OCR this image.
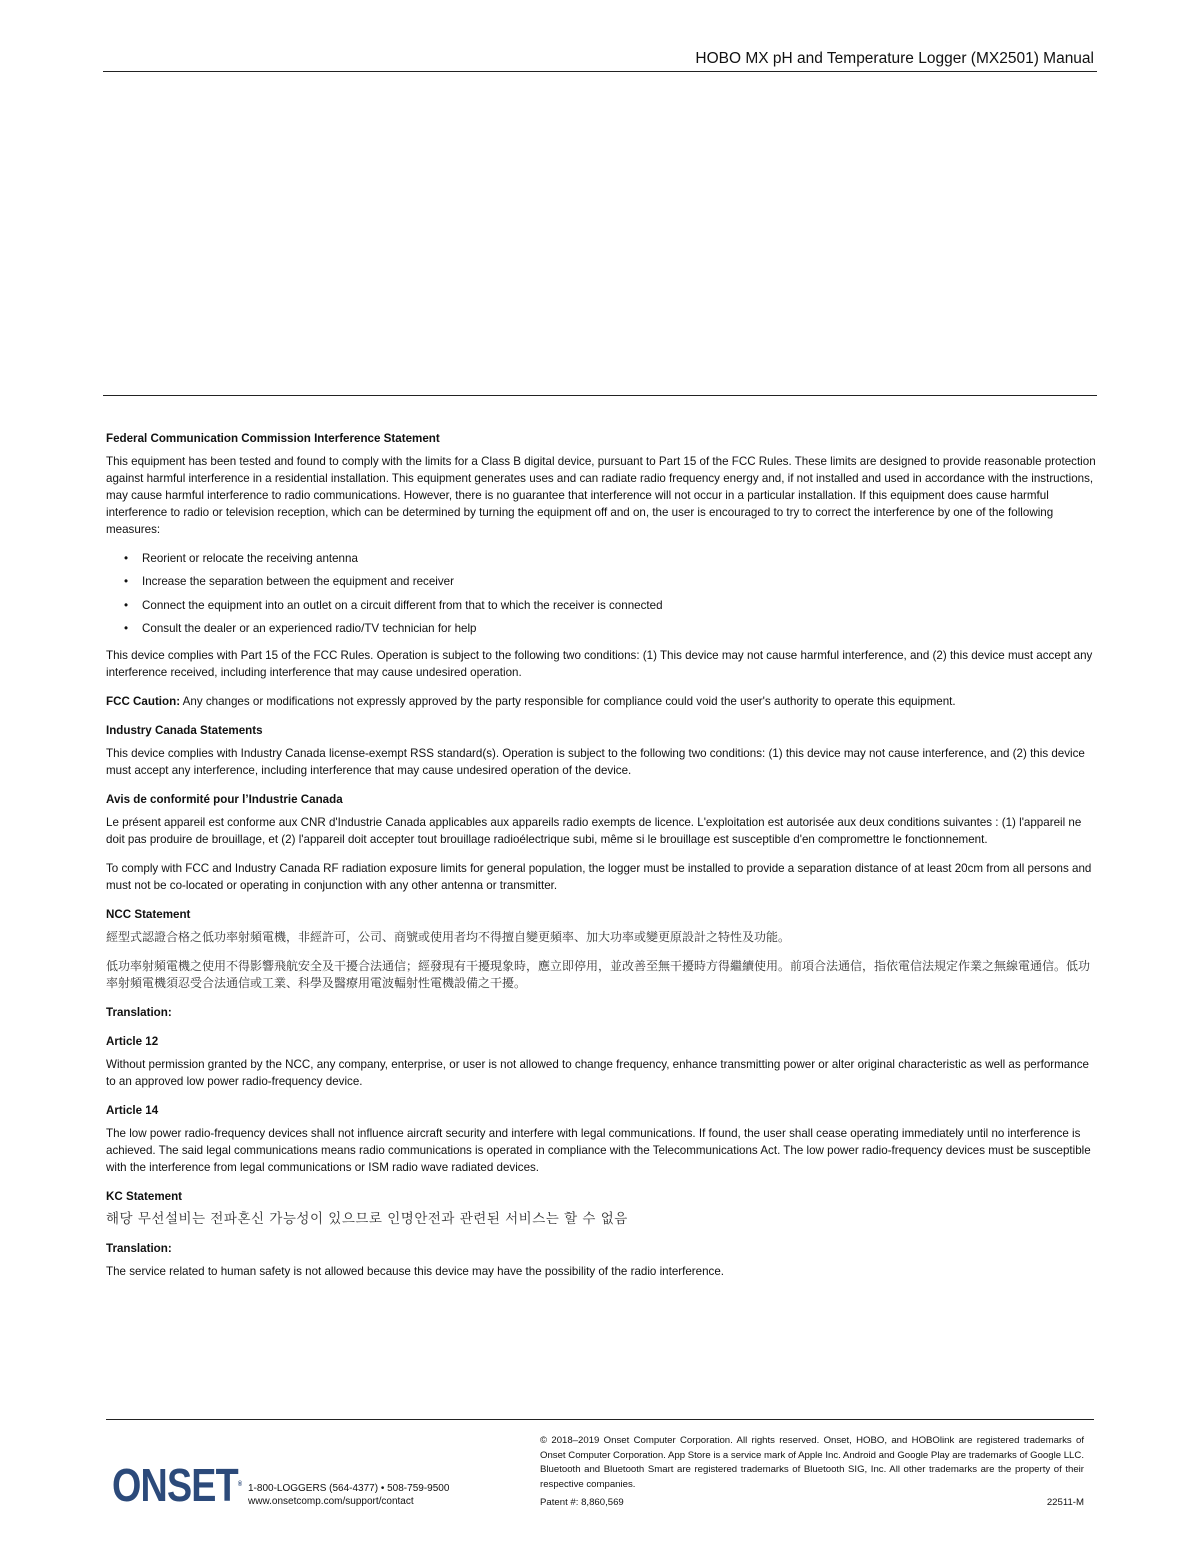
HOBO MX pH and Temperature Logger (MX2501) Manual
Federal Communication Commission Interference Statement

This equipment has been tested and found to comply with the limits for a Class B digital device, pursuant to Part 15 of the FCC Rules. These limits are designed to provide reasonable protection against harmful interference in a residential installation. This equipment generates uses and can radiate radio frequency energy and, if not installed and used in accordance with the instructions, may cause harmful interference to radio communications. However, there is no guarantee that interference will not occur in a particular installation. If this equipment does cause harmful interference to radio or television reception, which can be determined by turning the equipment off and on, the user is encouraged to try to correct the interference by one of the following measures:

• Reorient or relocate the receiving antenna
• Increase the separation between the equipment and receiver
• Connect the equipment into an outlet on a circuit different from that to which the receiver is connected
• Consult the dealer or an experienced radio/TV technician for help

This device complies with Part 15 of the FCC Rules. Operation is subject to the following two conditions: (1) This device may not cause harmful interference, and (2) this device must accept any interference received, including interference that may cause undesired operation.

FCC Caution: Any changes or modifications not expressly approved by the party responsible for compliance could void the user's authority to operate this equipment.

Industry Canada Statements

This device complies with Industry Canada license-exempt RSS standard(s). Operation is subject to the following two conditions: (1) this device may not cause interference, and (2) this device must accept any interference, including interference that may cause undesired operation of the device.

Avis de conformité pour l’Industrie Canada

Le présent appareil est conforme aux CNR d'Industrie Canada applicables aux appareils radio exempts de licence. L'exploitation est autorisée aux deux conditions suivantes : (1) l'appareil ne doit pas produire de brouillage, et (2) l'appareil doit accepter tout brouillage radioélectrique subi, même si le brouillage est susceptible d'en compromettre le fonctionnement.

To comply with FCC and Industry Canada RF radiation exposure limits for general population, the logger must be installed to provide a separation distance of at least 20cm from all persons and must not be co-located or operating in conjunction with any other antenna or transmitter.

NCC Statement

經型式認證合格之低功率射頻電機，非經許可，公司、商號或使用者均不得擅自變更頻率、加大功率或變更原設計之特性及功能。

低功率射頻電機之使用不得影響飛航安全及干擾合法通信；經發現有干擾現象時，應立即停用，並改善至無干擾時方得繼續使用。前項合法通信，指依電信法規定作業之無線電通信。低功率射頻電機須忍受合法通信或工業、科學及醫療用電波輻射性電機設備之干擾。

Translation:
Article 12

Without permission granted by the NCC, any company, enterprise, or user is not allowed to change frequency, enhance transmitting power or alter original characteristic as well as performance to an approved low power radio-frequency device.

Article 14

The low power radio-frequency devices shall not influence aircraft security and interfere with legal communications. If found, the user shall cease operating immediately until no interference is achieved. The said legal communications means radio communications is operated in compliance with the Telecommunications Act. The low power radio-frequency devices must be susceptible with the interference from legal communications or ISM radio wave radiated devices.

KC Statement

해당 무선설비는 전파혼신 가능성이 있으므로 인명안전과 관련된 서비스는 할 수 없음

Translation:

The service related to human safety is not allowed because this device may have the possibility of the radio interference.

ONSET® 1-800-LOGGERS (564-4377) • 508-759-9500
www.onsetcomp.com/support/contact
© 2018–2019 Onset Computer Corporation. All rights reserved. Onset, HOBO, and HOBOlink are registered trademarks of Onset Computer Corporation. App Store is a service mark of Apple Inc. Android and Google Play are trademarks of Google LLC. Bluetooth and Bluetooth Smart are registered trademarks of Bluetooth SIG, Inc. All other trademarks are the property of their respective companies.
Patent #: 8,860,569	22511-M
